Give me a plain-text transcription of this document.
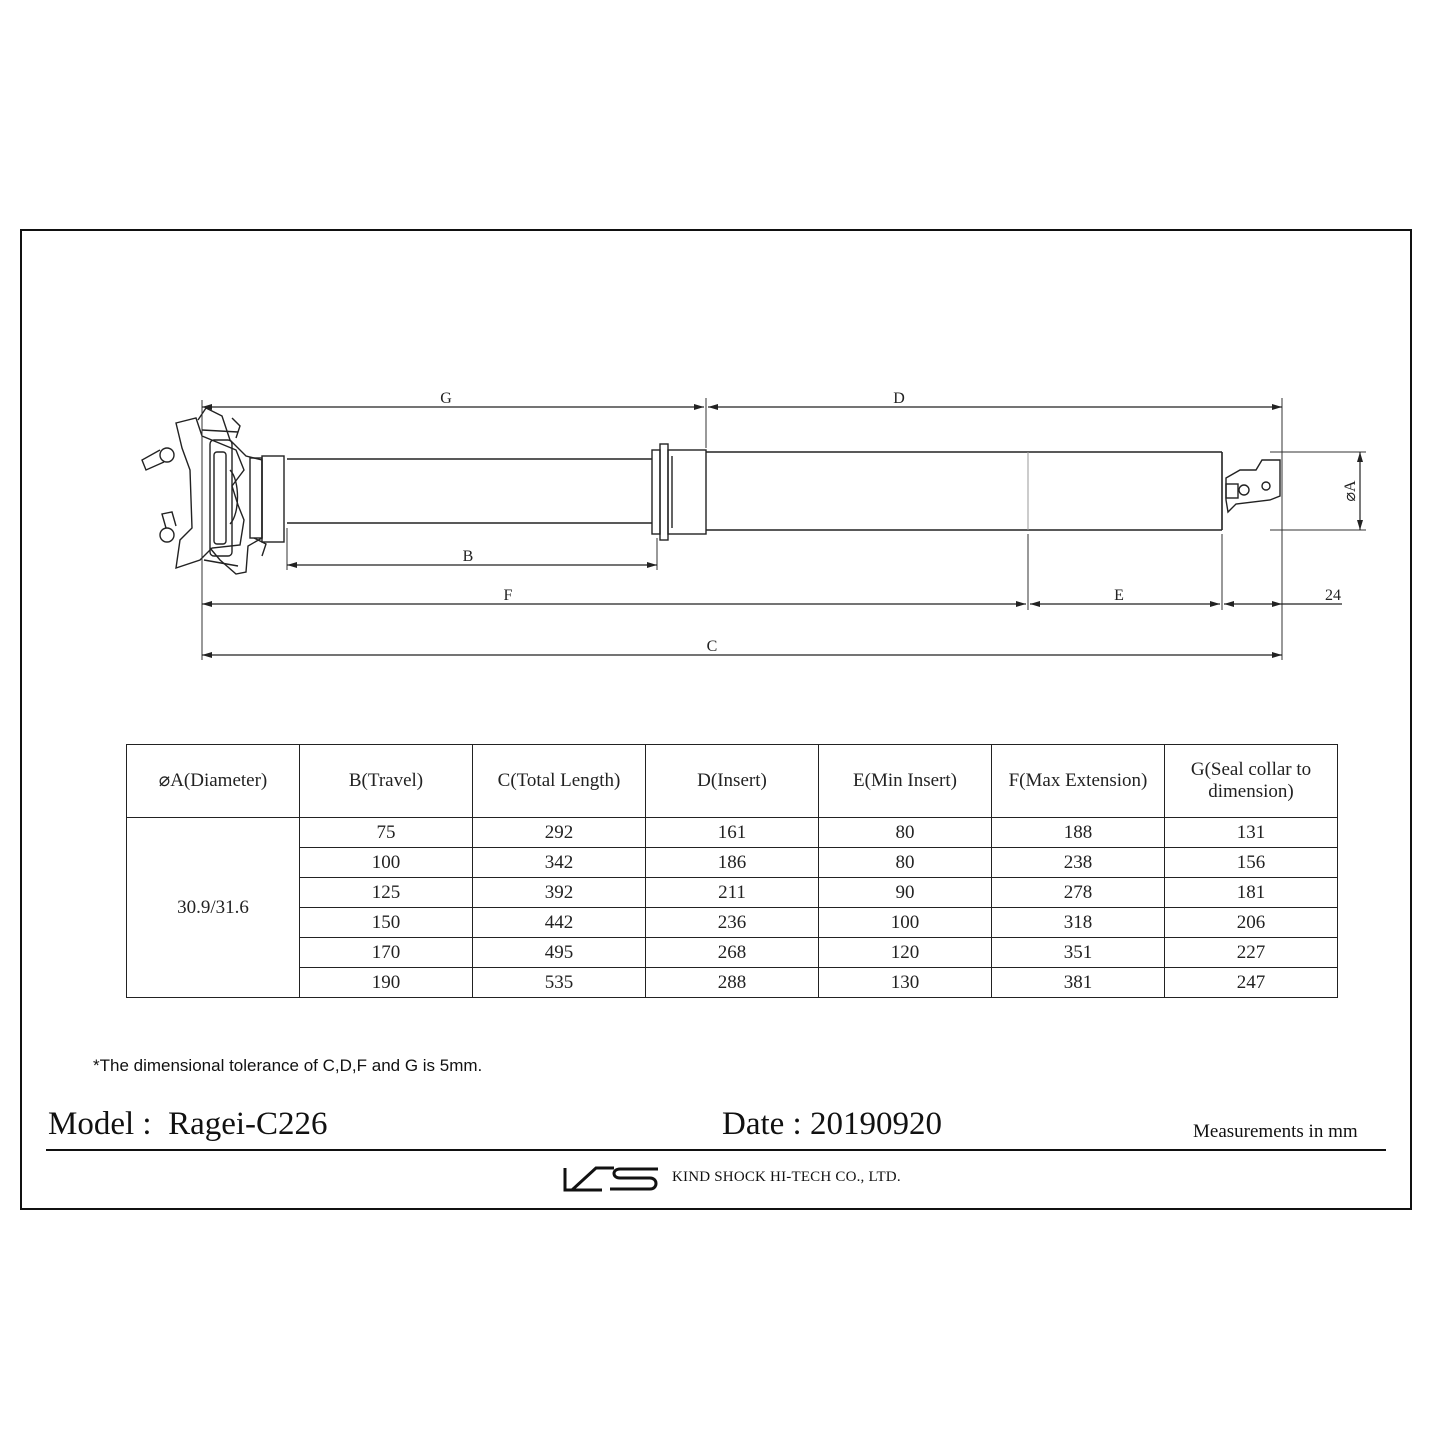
G	D
B
F	E	24
C
⌀A
⌀A(Diameter)	B(Travel)	C(Total Length)	D(Insert)	E(Min Insert)	F(Max Extension)	G(Seal collar to dimension)
30.9/31.6	75	292	161	80	188	131
	100	342	186	80	238	156
	125	392	211	90	278	181
	150	442	236	100	318	206
	170	495	268	120	351	227
	190	535	288	130	381	247
*The dimensional tolerance of C,D,F and G is 5mm.
Model :  Ragei-C226	Date : 20190920	Measurements in mm
KIND SHOCK HI-TECH CO., LTD.
